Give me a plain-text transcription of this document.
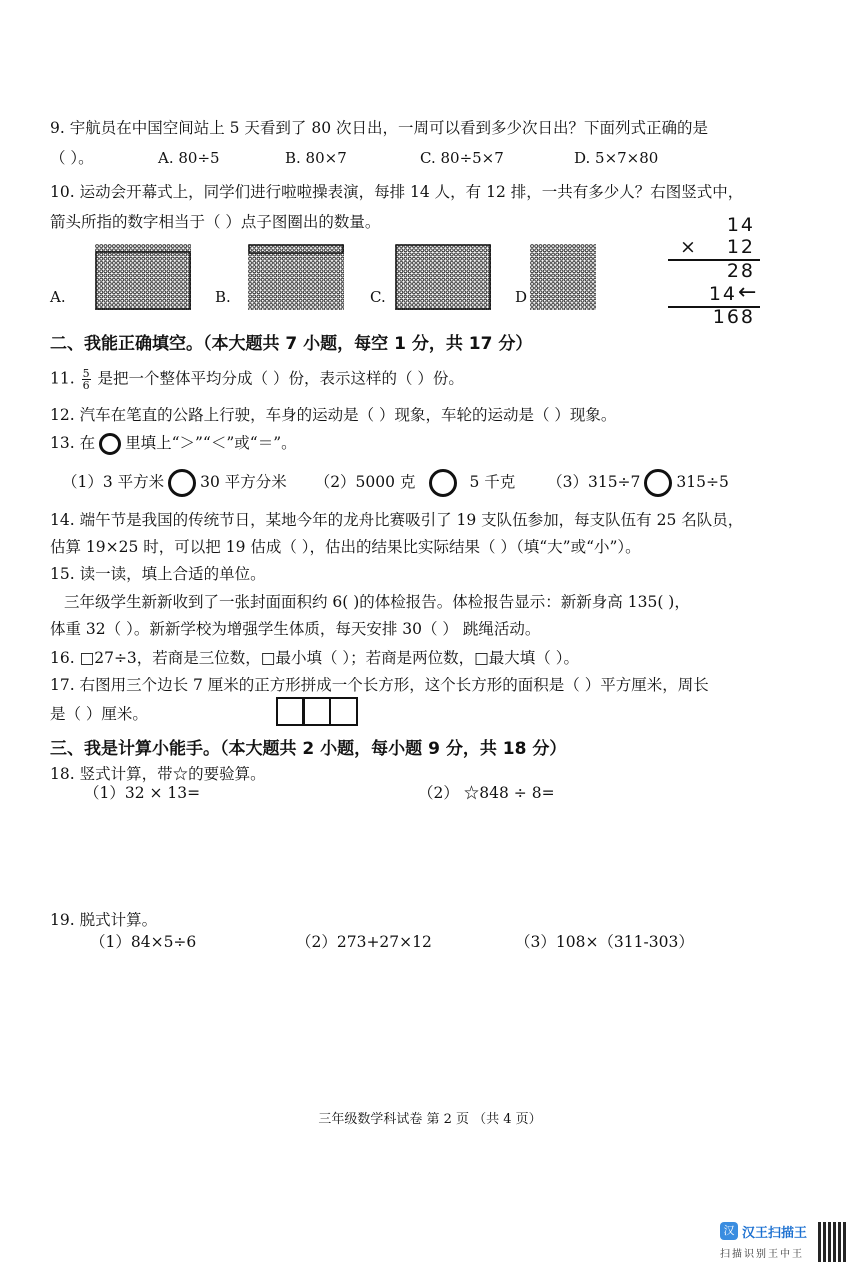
9. 宇航员在中国空间站上 5 天看到了 80 次日出，一周可以看到多少次日出？下面列式正确的是
（ ）。	A. 80÷5	B. 80×7	C. 80÷5×7	D. 5×7×80
10. 运动会开幕式上，同学们进行啦啦操表演，每排 14 人，有 12 排，一共有多少人？右图竖式中，
箭头所指的数字相当于（ ）点子图圈出的数量。
A.	B.	C.	D
14
×	12
28
14 ←
168
二、我能正确填空。（本大题共 7 小题，每空 1 分，共 17 分）
11. $\frac{5}{6}$ 是把一个整体平均分成（ ）份，表示这样的（ ）份。
12. 汽车在笔直的公路上行驶，车身的运动是（ ）现象，车轮的运动是（ ）现象。
13. 在 里填上“＞”“＜”或“＝”。
（1）3 平方米 30 平方分米 （2）5000 克	5 千克 （3）315÷7 315÷5
14. 端午节是我国的传统节日，某地今年的龙舟比赛吸引了 19 支队伍参加，每支队伍有 25 名队员，
估算 19×25 时，可以把 19 估成（ ），估出的结果比实际结果（ ）（填“大”或“小”）。
15. 读一读，填上合适的单位。
三年级学生新新收到了一张封面面积约 6( )的体检报告。体检报告显示：新新身高 135( )，
体重 32（ ）。新新学校为增强学生体质，每天安排 30（ ） 跳绳活动。
16. □27÷3，若商是三位数，□最小填（ ）；若商是两位数，□最大填（ ）。
17. 右图用三个边长 7 厘米的正方形拼成一个长方形，这个长方形的面积是（ ）平方厘米，周长
是（ ）厘米。
三、我是计算小能手。（本大题共 2 小题，每小题 9 分，共 18 分）
18. 竖式计算，带☆的要验算。
（1）32 × 13=	（2） ☆848 ÷ 8=
19. 脱式计算。
（1）84×5÷6	（2）273+27×12	（3）108×（311-303）
三年级数学科试卷 第 2 页 （共 4 页）
汉 汉王扫描王
扫描识别王中王
